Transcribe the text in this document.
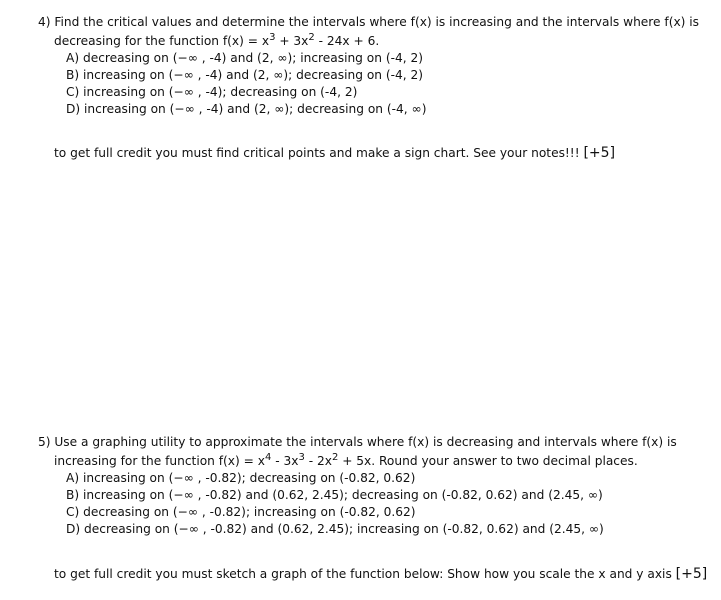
4) Find the critical values and determine the intervals where f(x) is increasing and the intervals where f(x) is
decreasing for the function $f(x) = x^3 + 3x^2 - 24x + 6$.
A) decreasing on (−∞ , -4) and (2, ∞); increasing on (-4, 2)
B) increasing on (−∞ , -4) and (2, ∞); decreasing on (-4, 2)
C) increasing on (−∞ , -4); decreasing on (-4, 2)
D) increasing on (−∞ , -4) and (2, ∞); decreasing on (-4, ∞)
to get full credit you must find critical points and make a sign chart. See your notes!!! [+5]
5) Use a graphing utility to approximate the intervals where f(x) is decreasing and intervals where f(x) is
increasing for the function $f(x) = x^4 - 3x^3 - 2x^2 + 5x$. Round your answer to two decimal places.
A) increasing on (−∞ , -0.82); decreasing on (-0.82, 0.62)
B) increasing on (−∞ , -0.82) and (0.62, 2.45); decreasing on (-0.82, 0.62) and (2.45, ∞)
C) decreasing on (−∞ , -0.82); increasing on (-0.82, 0.62)
D) decreasing on (−∞ , -0.82) and (0.62, 2.45); increasing on (-0.82, 0.62) and (2.45, ∞)
to get full credit you must sketch a graph of the function below: Show how you scale the x and y axis [+5]
